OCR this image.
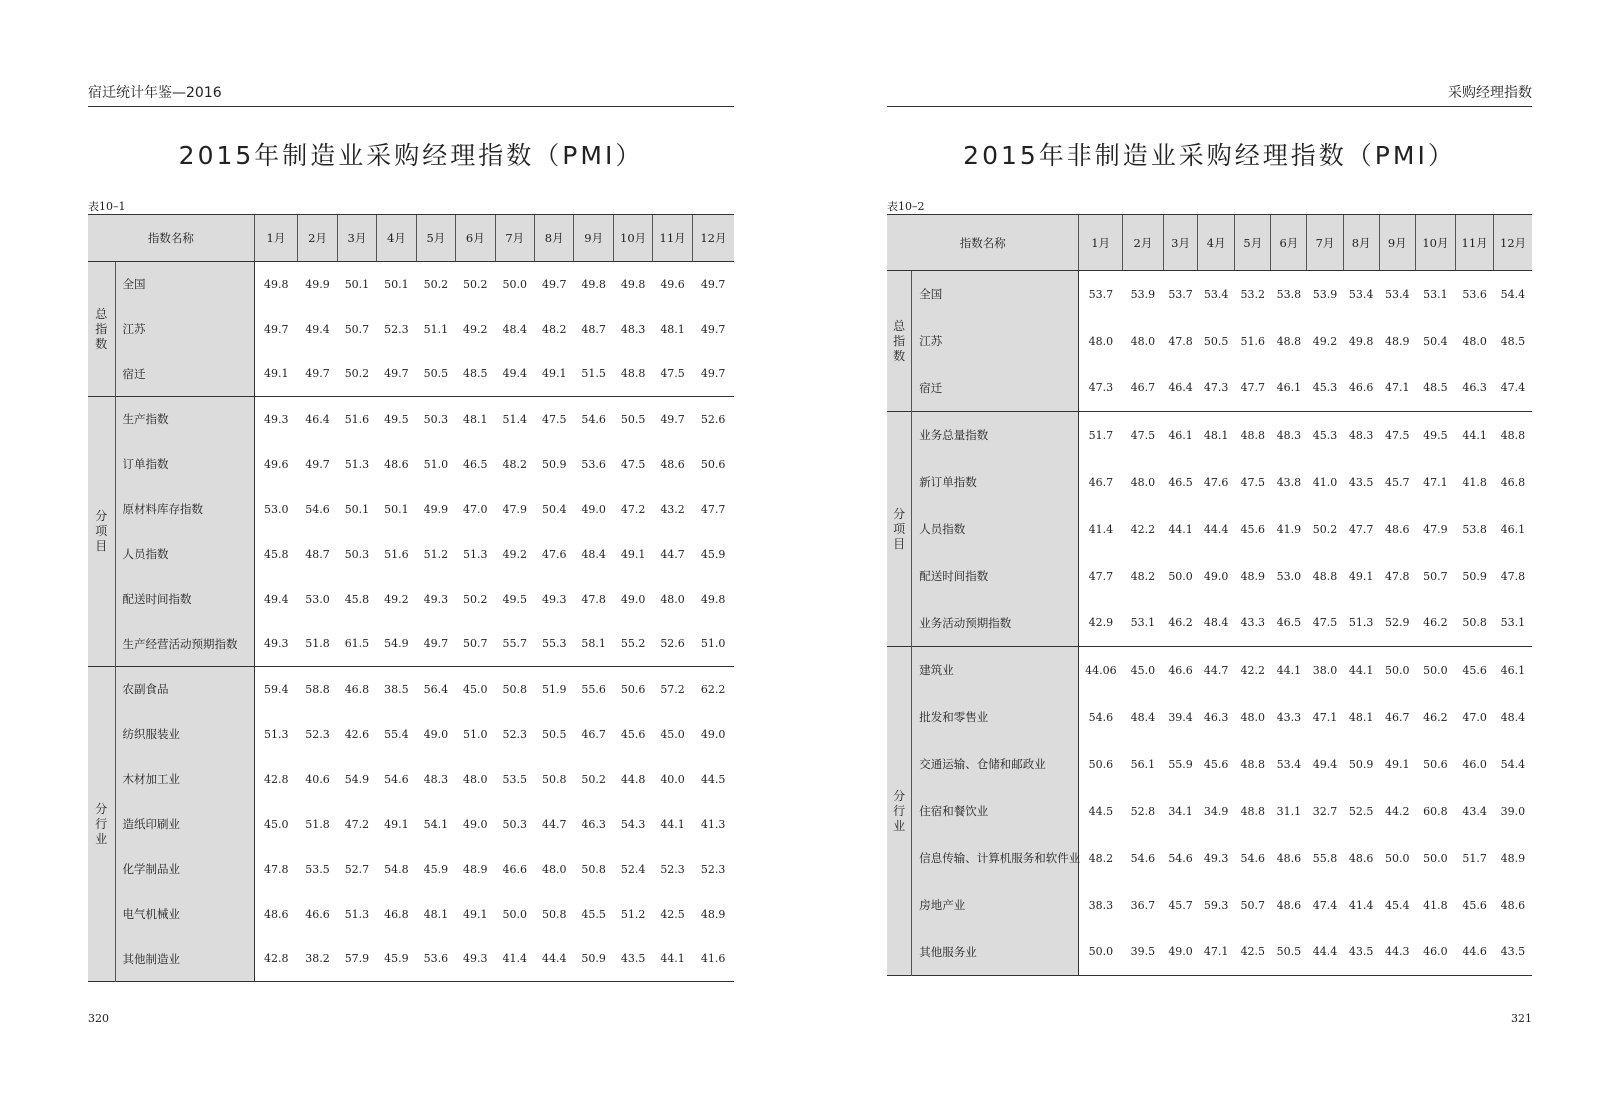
宿迁统计年鉴—2016
2015年制造业采购经理指数（PMI）
表10–1
指数名称		1月	2月	3月	4月	5月	6月	7月	8月	9月	10月	11月	12月
总指数	全国	49.8	49.9	50.1	50.1	50.2	50.2	50.0	49.7	49.8	49.8	49.6	49.7
	江苏	49.7	49.4	50.7	52.3	51.1	49.2	48.4	48.2	48.7	48.3	48.1	49.7
	宿迁	49.1	49.7	50.2	49.7	50.5	48.5	49.4	49.1	51.5	48.8	47.5	49.7
分项目	生产指数	49.3	46.4	51.6	49.5	50.3	48.1	51.4	47.5	54.6	50.5	49.7	52.6
	订单指数	49.6	49.7	51.3	48.6	51.0	46.5	48.2	50.9	53.6	47.5	48.6	50.6
	原材料库存指数	53.0	54.6	50.1	50.1	49.9	47.0	47.9	50.4	49.0	47.2	43.2	47.7
	人员指数	45.8	48.7	50.3	51.6	51.2	51.3	49.2	47.6	48.4	49.1	44.7	45.9
	配送时间指数	49.4	53.0	45.8	49.2	49.3	50.2	49.5	49.3	47.8	49.0	48.0	49.8
	生产经营活动预期指数	49.3	51.8	61.5	54.9	49.7	50.7	55.7	55.3	58.1	55.2	52.6	51.0
分行业	农副食品	59.4	58.8	46.8	38.5	56.4	45.0	50.8	51.9	55.6	50.6	57.2	62.2
	纺织服装业	51.3	52.3	42.6	55.4	49.0	51.0	52.3	50.5	46.7	45.6	45.0	49.0
	木材加工业	42.8	40.6	54.9	54.6	48.3	48.0	53.5	50.8	50.2	44.8	40.0	44.5
	造纸印刷业	45.0	51.8	47.2	49.1	54.1	49.0	50.3	44.7	46.3	54.3	44.1	41.3
	化学制品业	47.8	53.5	52.7	54.8	45.9	48.9	46.6	48.0	50.8	52.4	52.3	52.3
	电气机械业	48.6	46.6	51.3	46.8	48.1	49.1	50.0	50.8	45.5	51.2	42.5	48.9
	其他制造业	42.8	38.2	57.9	45.9	53.6	49.3	41.4	44.4	50.9	43.5	44.1	41.6
320
采购经理指数
2015年非制造业采购经理指数（PMI）
表10–2
指数名称		1月	2月	3月	4月	5月	6月	7月	8月	9月	10月	11月	12月
总指数	全国	53.7	53.9	53.7	53.4	53.2	53.8	53.9	53.4	53.4	53.1	53.6	54.4
	江苏	48.0	48.0	47.8	50.5	51.6	48.8	49.2	49.8	48.9	50.4	48.0	48.5
	宿迁	47.3	46.7	46.4	47.3	47.7	46.1	45.3	46.6	47.1	48.5	46.3	47.4
分项目	业务总量指数	51.7	47.5	46.1	48.1	48.8	48.3	45.3	48.3	47.5	49.5	44.1	48.8
	新订单指数	46.7	48.0	46.5	47.6	47.5	43.8	41.0	43.5	45.7	47.1	41.8	46.8
	人员指数	41.4	42.2	44.1	44.4	45.6	41.9	50.2	47.7	48.6	47.9	53.8	46.1
	配送时间指数	47.7	48.2	50.0	49.0	48.9	53.0	48.8	49.1	47.8	50.7	50.9	47.8
	业务活动预期指数	42.9	53.1	46.2	48.4	43.3	46.5	47.5	51.3	52.9	46.2	50.8	53.1
分行业	建筑业	44.06	45.0	46.6	44.7	42.2	44.1	38.0	44.1	50.0	50.0	45.6	46.1
	批发和零售业	54.6	48.4	39.4	46.3	48.0	43.3	47.1	48.1	46.7	46.2	47.0	48.4
	交通运输、仓储和邮政业	50.6	56.1	55.9	45.6	48.8	53.4	49.4	50.9	49.1	50.6	46.0	54.4
	住宿和餐饮业	44.5	52.8	34.1	34.9	48.8	31.1	32.7	52.5	44.2	60.8	43.4	39.0
	信息传输、计算机服务和软件业	48.2	54.6	54.6	49.3	54.6	48.6	55.8	48.6	50.0	50.0	51.7	48.9
	房地产业	38.3	36.7	45.7	59.3	50.7	48.6	47.4	41.4	45.4	41.8	45.6	48.6
	其他服务业	50.0	39.5	49.0	47.1	42.5	50.5	44.4	43.5	44.3	46.0	44.6	43.5
321
